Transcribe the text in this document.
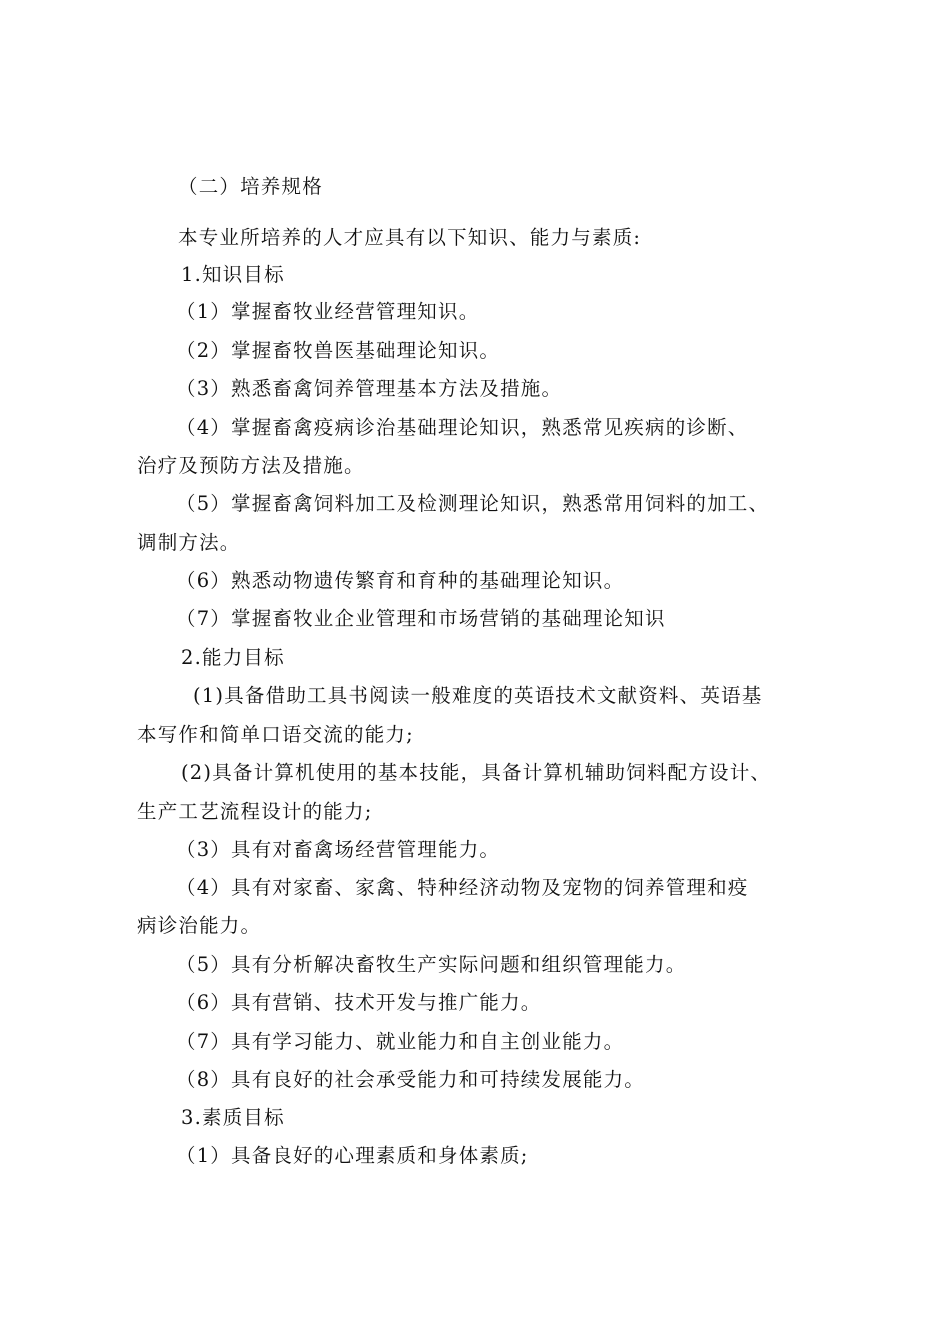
（二）培养规格
本专业所培养的人才应具有以下知识、能力与素质:
1.知识目标
（1）掌握畜牧业经营管理知识。
（2）掌握畜牧兽医基础理论知识。
（3）熟悉畜禽饲养管理基本方法及措施。
（4）掌握畜禽疫病诊治基础理论知识，熟悉常见疾病的诊断、
治疗及预防方法及措施。
（5）掌握畜禽饲料加工及检测理论知识，熟悉常用饲料的加工、
调制方法。
（6）熟悉动物遗传繁育和育种的基础理论知识。
（7）掌握畜牧业企业管理和市场营销的基础理论知识
2.能力目标
(1)具备借助工具书阅读一般难度的英语技术文献资料、英语基
本写作和简单口语交流的能力;
(2)具备计算机使用的基本技能，具备计算机辅助饲料配方设计、
生产工艺流程设计的能力;
（3）具有对畜禽场经营管理能力。
（4）具有对家畜、家禽、特种经济动物及宠物的饲养管理和疫
病诊治能力。
（5）具有分析解决畜牧生产实际问题和组织管理能力。
（6）具有营销、技术开发与推广能力。
（7）具有学习能力、就业能力和自主创业能力。
（8）具有良好的社会承受能力和可持续发展能力。
3.素质目标
（1）具备良好的心理素质和身体素质;
